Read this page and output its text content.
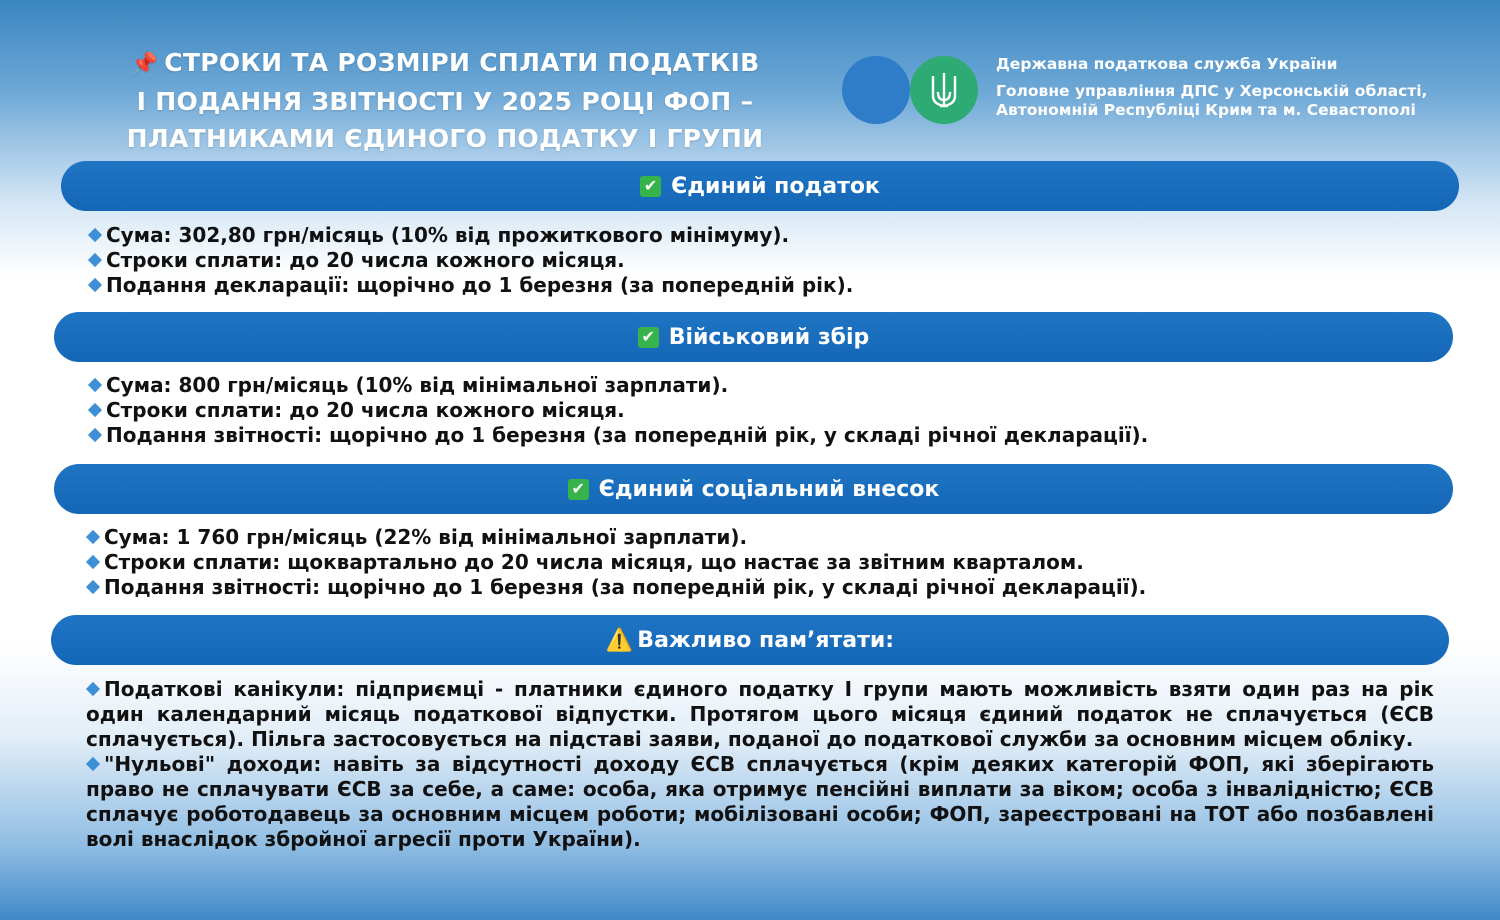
📌 СТРОКИ ТА РОЗМІРИ СПЛАТИ ПОДАТКІВ
І ПОДАННЯ ЗВІТНОСТІ У 2025 РОЦІ ФОП –
ПЛАТНИКАМИ ЄДИНОГО ПОДАТКУ І ГРУПИ
Державна податкова служба України
Головне управління ДПС у Херсонській області,
Автономній Республіці Крим та м. Севастополі
✔ Єдиний податок
Сума: 302,80 грн/місяць (10% від прожиткового мінімуму).
Строки сплати: до 20 числа кожного місяця.
Подання декларації: щорічно до 1 березня (за попередній рік).
✔ Військовий збір
Сума: 800 грн/місяць (10% від мінімальної зарплати).
Строки сплати: до 20 числа кожного місяця.
Подання звітності: щорічно до 1 березня (за попередній рік, у складі річної декларації).
✔ Єдиний соціальний внесок
Сума: 1 760 грн/місяць (22% від мінімальної зарплати).
Строки сплати: щоквартально до 20 числа місяця, що настає за звітним кварталом.
Подання звітності: щорічно до 1 березня (за попередній рік, у складі річної декларації).
⚠️ Важливо пам’ятати:

Податкові канікули: підприємці - платники єдиного податку І групи мають можливість взяти один раз на рік один календарний місяць податкової відпустки. Протягом цього місяця єдиний податок не сплачується (ЄСВ сплачується). Пільга застосовується на підставі заяви, поданої до податкової служби за основним місцем обліку.

"Нульові" доходи: навіть за відсутності доходу ЄСВ сплачується (крім деяких категорій ФОП, які зберігають право не сплачувати ЄСВ за себе, а саме: особа, яка отримує пенсійні виплати за віком; особа з інвалідністю; ЄСВ сплачує роботодавець за основним місцем роботи; мобілізовані особи; ФОП, зареєстровані на ТОТ або позбавлені волі внаслідок збройної агресії проти України).
